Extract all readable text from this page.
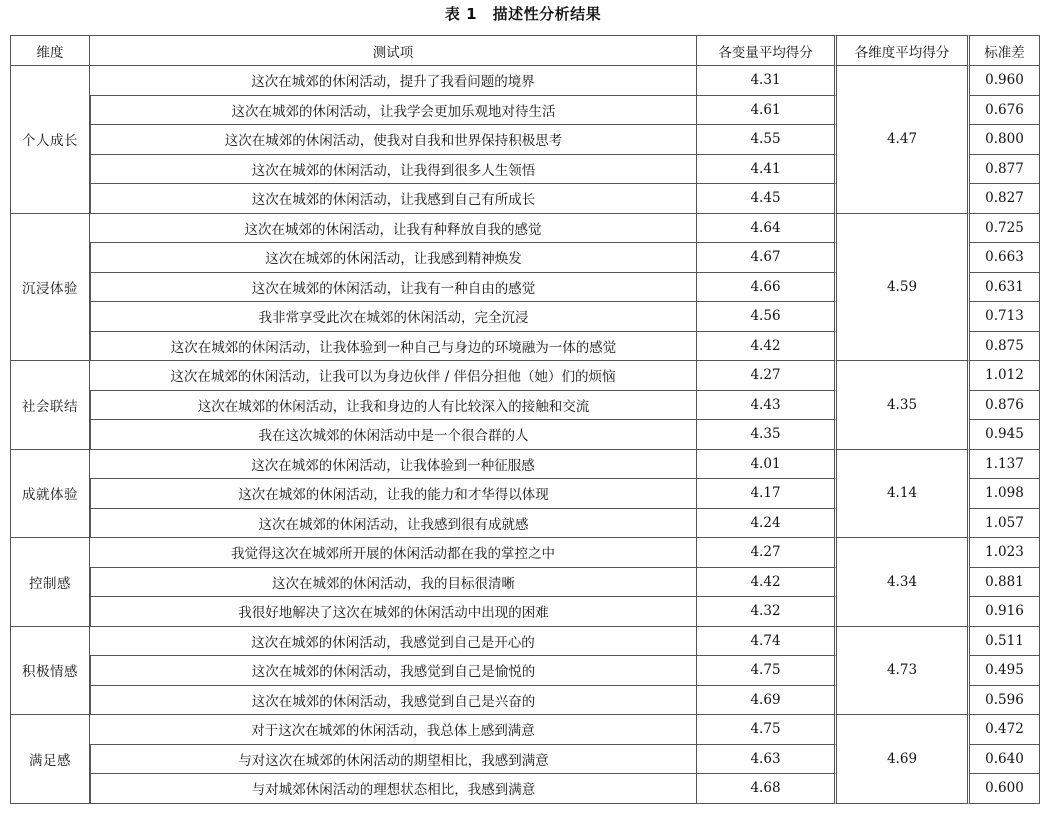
表 1　描述性分析结果
维度	测试项	各变量平均得分	各维度平均得分	标准差
个人成长	这次在城郊的休闲活动，提升了我看问题的境界	4.31	4.47	0.960
	这次在城郊的休闲活动，让我学会更加乐观地对待生活	4.61		0.676
	这次在城郊的休闲活动，使我对自我和世界保持积极思考	4.55		0.800
	这次在城郊的休闲活动，让我得到很多人生领悟	4.41		0.877
	这次在城郊的休闲活动，让我感到自己有所成长	4.45		0.827
沉浸体验	这次在城郊的休闲活动，让我有种释放自我的感觉	4.64	4.59	0.725
	这次在城郊的休闲活动，让我感到精神焕发	4.67		0.663
	这次在城郊的休闲活动，让我有一种自由的感觉	4.66		0.631
	我非常享受此次在城郊的休闲活动，完全沉浸	4.56		0.713
	这次在城郊的休闲活动，让我体验到一种自己与身边的环境融为一体的感觉	4.42		0.875
社会联结	这次在城郊的休闲活动，让我可以为身边伙伴 / 伴侣分担他（她）们的烦恼	4.27	4.35	1.012
	这次在城郊的休闲活动，让我和身边的人有比较深入的接触和交流	4.43		0.876
	我在这次城郊的休闲活动中是一个很合群的人	4.35		0.945
成就体验	这次在城郊的休闲活动，让我体验到一种征服感	4.01	4.14	1.137
	这次在城郊的休闲活动，让我的能力和才华得以体现	4.17		1.098
	这次在城郊的休闲活动，让我感到很有成就感	4.24		1.057
控制感	我觉得这次在城郊所开展的休闲活动都在我的掌控之中	4.27	4.34	1.023
	这次在城郊的休闲活动，我的目标很清晰	4.42		0.881
	我很好地解决了这次在城郊的休闲活动中出现的困难	4.32		0.916
积极情感	这次在城郊的休闲活动，我感觉到自己是开心的	4.74	4.73	0.511
	这次在城郊的休闲活动，我感觉到自己是愉悦的	4.75		0.495
	这次在城郊的休闲活动，我感觉到自己是兴奋的	4.69		0.596
满足感	对于这次在城郊的休闲活动，我总体上感到满意	4.75	4.69	0.472
	与对这次在城郊的休闲活动的期望相比，我感到满意	4.63		0.640
	与对城郊休闲活动的理想状态相比，我感到满意	4.68		0.600
